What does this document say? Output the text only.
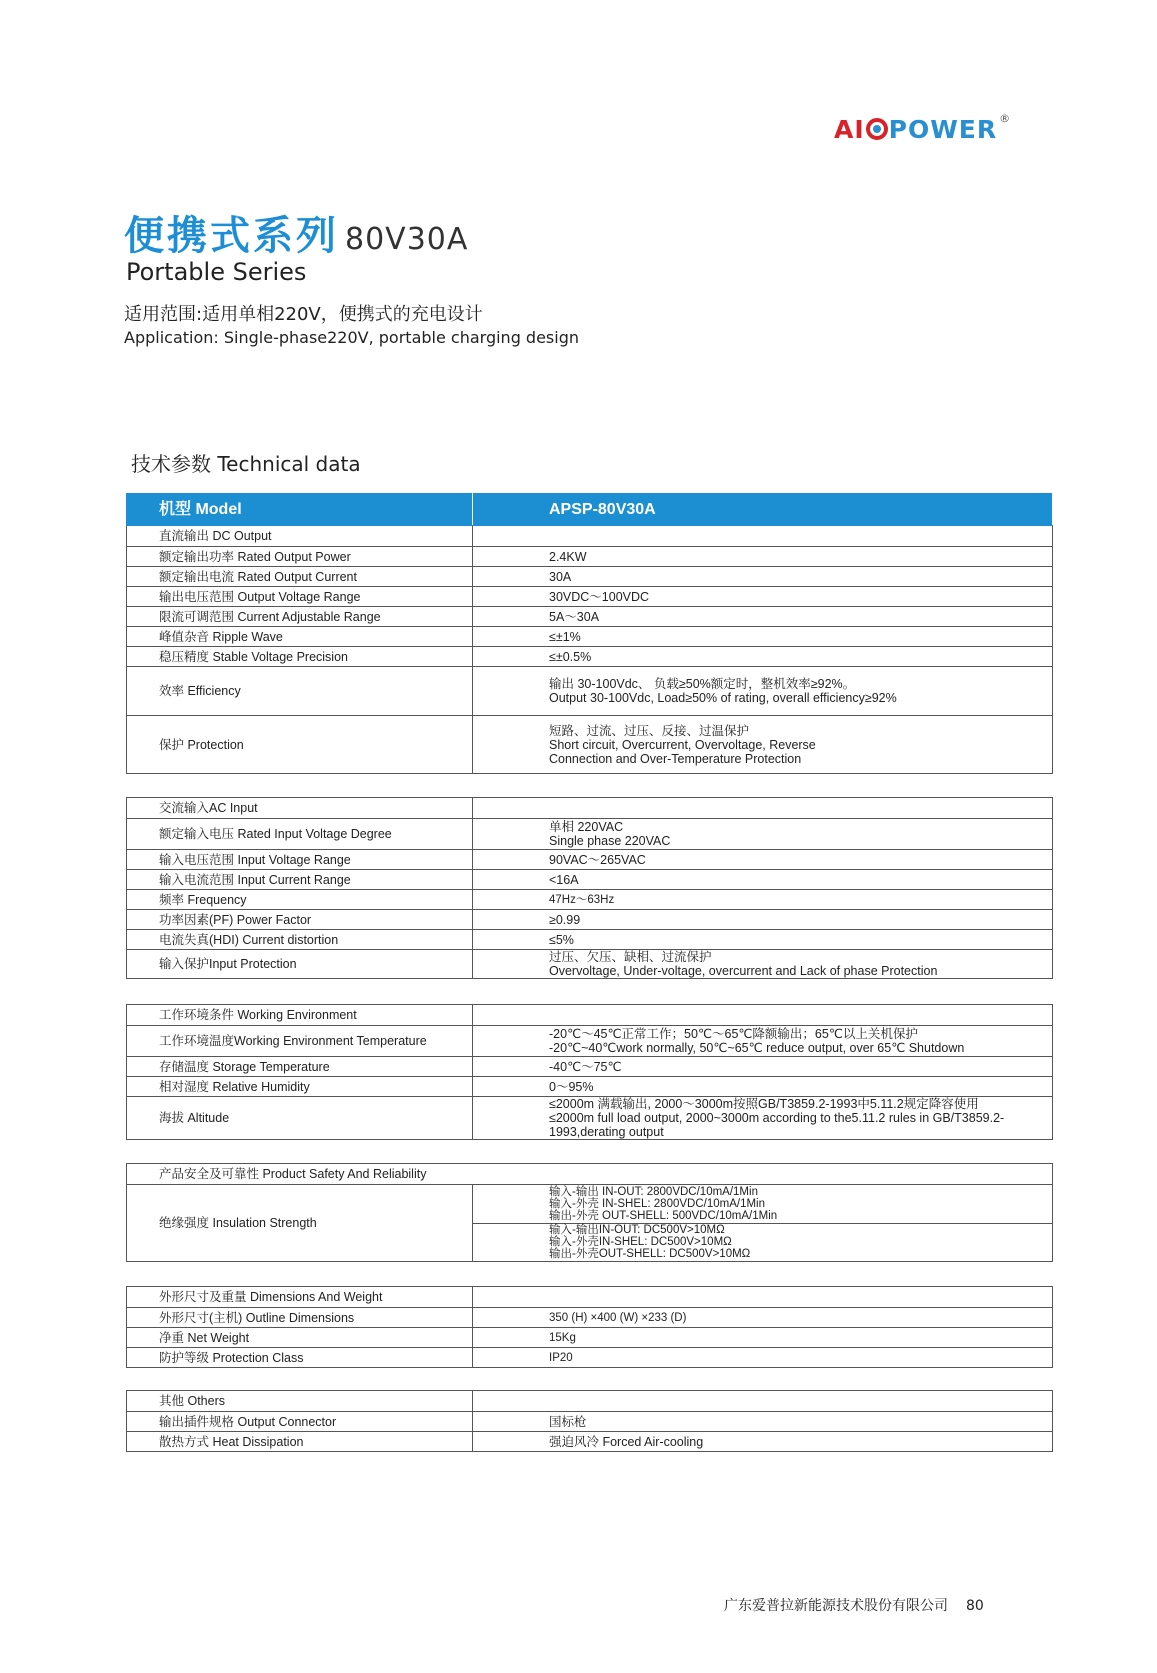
AI POWER ®
便携式系列 80V30A
Portable Series
适用范围:适用单相220V，便携式的充电设计
Application: Single-phase220V, portable charging design
技术参数 Technical data
机型 Model	APSP-80V30A
直流输出 DC Output	
额定输出功率 Rated Output Power	2.4KW
额定输出电流 Rated Output Current	30A
输出电压范围 Output Voltage Range	30VDC～100VDC
限流可调范围 Current Adjustable Range	5A～30A
峰值杂音 Ripple Wave	≤±1%
稳压精度 Stable Voltage Precision	≤±0.5%
效率 Efficiency	输出 30-100Vdc、 负载≥50%额定时，整机效率≥92%。
Output 30-100Vdc, Load≥50% of rating, overall efficiency≥92%

保护 Protection	短路、过流、过压、反接、过温保护
Short circuit, Overcurrent, Overvoltage, Reverse
Connection and Over-Temperature Protection
交流输入AC Input	
额定输入电压 Rated Input Voltage Degree	单相 220VAC
Single phase 220VAC

输入电压范围 Input Voltage Range	90VAC～265VAC
输入电流范围 Input Current Range	<16A
频率 Frequency	47Hz～63Hz
功率因素(PF) Power Factor	≥0.99
电流失真(HDI) Current distortion	≤5%
输入保护Input Protection	过压、欠压、缺相、过流保护
Overvoltage, Under-voltage, overcurrent and Lack of phase Protection
工作环境条件 Working Environment	
工作环境温度Working Environment Temperature	-20℃～45℃正常工作；50℃～65℃降额输出；65℃以上关机保护
-20℃~40℃work normally, 50℃~65℃ reduce output, over 65℃ Shutdown

存储温度 Storage Temperature	-40℃～75℃
相对湿度 Relative Humidity	0～95%
海拔 Altitude	≤2000m 满载输出, 2000～3000m按照GB/T3859.2-1993中5.11.2规定降容使用
≤2000m full load output, 2000~3000m according to the5.11.2 rules in GB/T3859.2-
1993,derating output
产品安全及可靠性 Product Safety And Reliability
绝缘强度 Insulation Strength	
输入-输出 IN-OUT: 2800VDC/10mA/1Min
输入-外壳 IN-SHEL: 2800VDC/10mA/1Min
输出-外壳 OUT-SHELL: 500VDC/10mA/1Min

输入-输出IN-OUT: DC500V>10MΩ
输入-外壳IN-SHEL: DC500V>10MΩ
输出-外壳OUT-SHELL: DC500V>10MΩ
外形尺寸及重量 Dimensions And Weight	
外形尺寸(主机) Outline Dimensions	350 (H) ×400 (W) ×233 (D)
净重 Net Weight	15Kg
防护等级 Protection Class	IP20
其他 Others	
输出插件规格 Output Connector	国标枪
散热方式 Heat Dissipation	强迫风冷 Forced Air-cooling
广东爱普拉新能源技术股份有限公司 80
